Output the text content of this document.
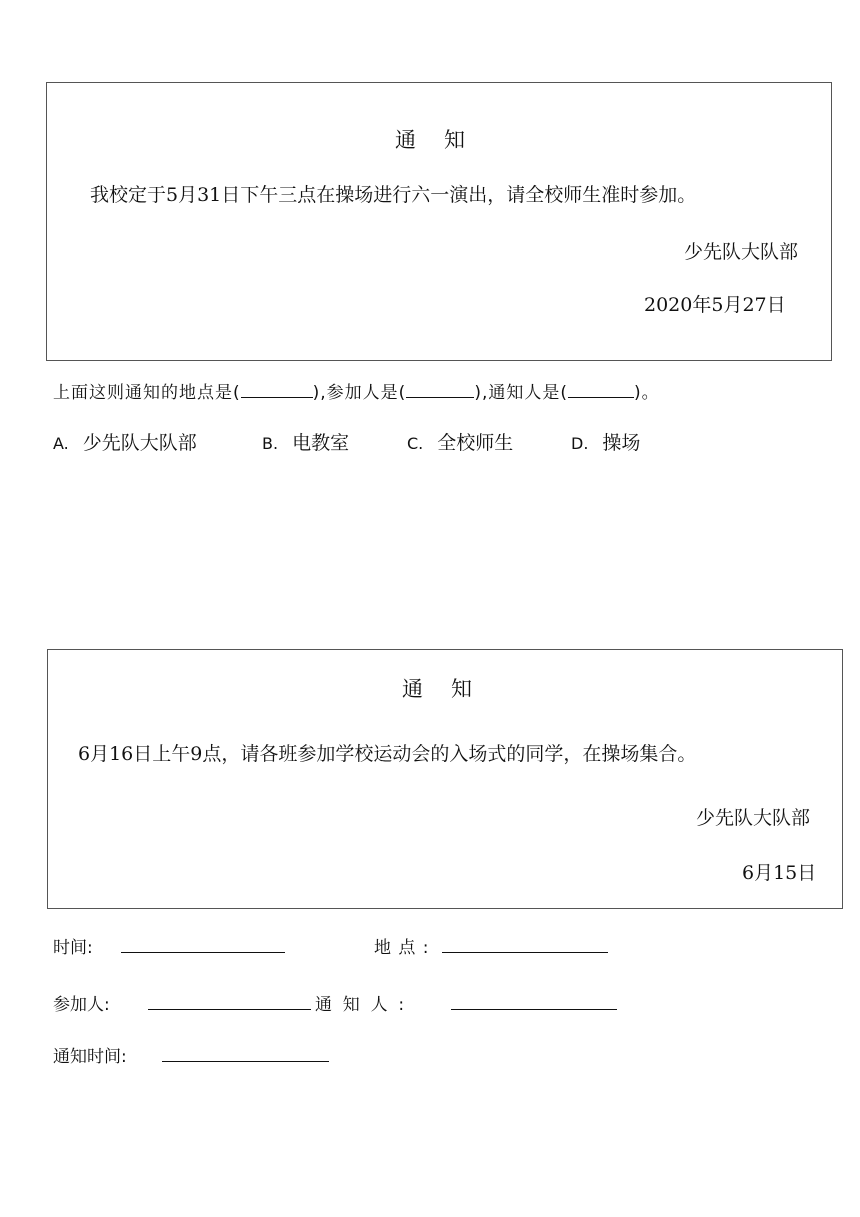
通 知
我校定于5月31日下午三点在操场进行六一演出，请全校师生准时参加。
少先队大队部
2020年5月27日
上面这则通知的地点是(	),参加人是(	),通知人是(	)。
A. 少先队大队部	B. 电教室	C. 全校师生	D. 操场
通 知
6月16日上午9点，请各班参加学校运动会的入场式的同学，在操场集合。
少先队大队部
6月15日
时间:	地 点 :
参加人:	通  知  人  :
通知时间:
